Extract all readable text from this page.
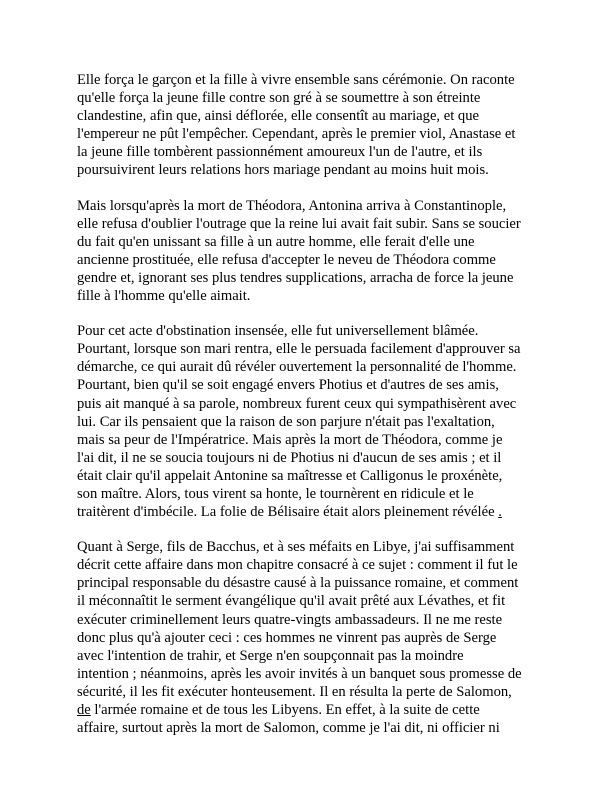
Elle força le garçon et la fille à vivre ensemble sans cérémonie. On raconte
qu'elle força la jeune fille contre son gré à se soumettre à son étreinte
clandestine, afin que, ainsi déflorée, elle consentît au mariage, et que
l'empereur ne pût l'empêcher. Cependant, après le premier viol, Anastase et
la jeune fille tombèrent passionnément amoureux l'un de l'autre, et ils
poursuivirent leurs relations hors mariage pendant au moins huit mois.

Mais lorsqu'après la mort de Théodora, Antonina arriva à Constantinople,
elle refusa d'oublier l'outrage que la reine lui avait fait subir. Sans se soucier
du fait qu'en unissant sa fille à un autre homme, elle ferait d'elle une
ancienne prostituée, elle refusa d'accepter le neveu de Théodora comme
gendre et, ignorant ses plus tendres supplications, arracha de force la jeune
fille à l'homme qu'elle aimait.

Pour cet acte d'obstination insensée, elle fut universellement blâmée.
Pourtant, lorsque son mari rentra, elle le persuada facilement d'approuver sa
démarche, ce qui aurait dû révéler ouvertement la personnalité de l'homme.
Pourtant, bien qu'il se soit engagé envers Photius et d'autres de ses amis,
puis ait manqué à sa parole, nombreux furent ceux qui sympathisèrent avec
lui. Car ils pensaient que la raison de son parjure n'était pas l'exaltation,
mais sa peur de l'Impératrice. Mais après la mort de Théodora, comme je
l'ai dit, il ne se soucia toujours ni de Photius ni d'aucun de ses amis ; et il
était clair qu'il appelait Antonine sa maîtresse et Calligonus le proxénète,
son maître. Alors, tous virent sa honte, le tournèrent en ridicule et le
traitèrent d'imbécile. La folie de Bélisaire était alors pleinement révélée .

Quant à Serge, fils de Bacchus, et à ses méfaits en Libye, j'ai suffisamment
décrit cette affaire dans mon chapitre consacré à ce sujet : comment il fut le
principal responsable du désastre causé à la puissance romaine, et comment
il méconnaîtit le serment évangélique qu'il avait prêté aux Lévathes, et fit
exécuter criminellement leurs quatre-vingts ambassadeurs. Il ne me reste
donc plus qu'à ajouter ceci : ces hommes ne vinrent pas auprès de Serge
avec l'intention de trahir, et Serge n'en soupçonnait pas la moindre
intention ; néanmoins, après les avoir invités à un banquet sous promesse de
sécurité, il les fit exécuter honteusement. Il en résulta la perte de Salomon,
de l'armée romaine et de tous les Libyens. En effet, à la suite de cette
affaire, surtout après la mort de Salomon, comme je l'ai dit, ni officier ni
